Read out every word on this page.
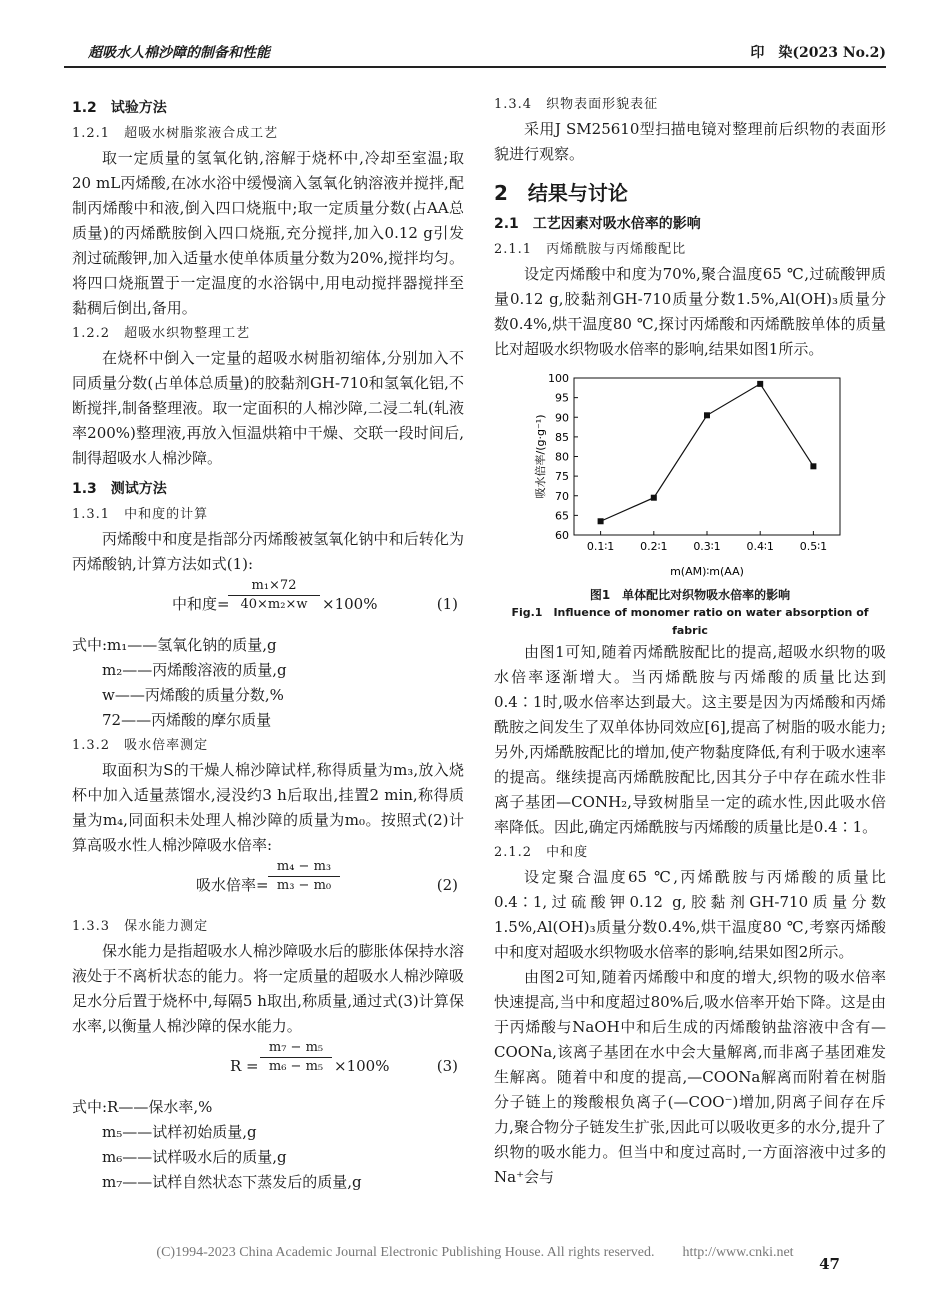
超吸水人棉沙障的制备和性能	印　染(2023 No.2)
1.2　试验方法
1.2.1　超吸水树脂浆液合成工艺

取一定质量的氢氧化钠,溶解于烧杯中,冷却至室温;取20 mL丙烯酸,在冰水浴中缓慢滴入氢氧化钠溶液并搅拌,配制丙烯酸中和液,倒入四口烧瓶中;取一定质量分数(占AA总质量)的丙烯酰胺倒入四口烧瓶,充分搅拌,加入0.12 g引发剂过硫酸钾,加入适量水使单体质量分数为20%,搅拌均匀。将四口烧瓶置于一定温度的水浴锅中,用电动搅拌器搅拌至黏稠后倒出,备用。

1.2.2　超吸水织物整理工艺

在烧杯中倒入一定量的超吸水树脂初缩体,分别加入不同质量分数(占单体总质量)的胶黏剂GH-710和氢氧化铝,不断搅拌,制备整理液。取一定面积的人棉沙障,二浸二轧(轧液率200%)整理液,再放入恒温烘箱中干燥、交联一段时间后,制得超吸水人棉沙障。

1.3　测试方法
1.3.1　中和度的计算

丙烯酸中和度是指部分丙烯酸被氢氧化钠中和后转化为丙烯酸钠,计算方法如式(1):

中和度=
$\frac{\text{m₁×72}}{\text{40×m₂×w}} \times 100\%$	(1)
式中:m₁——氢氧化钠的质量,g
m₂——丙烯酸溶液的质量,g
w——丙烯酸的质量分数,%
72——丙烯酸的摩尔质量
1.3.2　吸水倍率测定

取面积为S的干燥人棉沙障试样,称得质量为m₃,放入烧杯中加入适量蒸馏水,浸没约3 h后取出,挂置2 min,称得质量为m₄,同面积未处理人棉沙障的质量为m₀。按照式(2)计算高吸水性人棉沙障吸水倍率:

吸水倍率= $\frac{\text{m₄ − m₃}}{\text{m₃ − m₀}}$	(2)
1.3.3　保水能力测定

保水能力是指超吸水人棉沙障吸水后的膨胀体保持水溶液处于不离析状态的能力。将一定质量的超吸水人棉沙障吸足水分后置于烧杯中,每隔5 h取出,称质量,通过式(3)计算保水率,以衡量人棉沙障的保水能力。

$R = \frac{\text{m₇ − m₅}}{\text{m₆ − m₅}} \times 100\%$	(3)
式中:R——保水率,%
m₅——试样初始质量,g
m₆——试样吸水后的质量,g
m₇——试样自然状态下蒸发后的质量,g
1.3.4　织物表面形貌表征

采用J SM25610型扫描电镜对整理前后织物的表面形貌进行观察。

2　结果与讨论
2.1　工艺因素对吸水倍率的影响
2.1.1　丙烯酰胺与丙烯酸配比

设定丙烯酸中和度为70%,聚合温度65 ℃,过硫酸钾质量0.12 g,胶黏剂GH-710质量分数1.5%,Al(OH)₃质量分数0.4%,烘干温度80 ℃,探讨丙烯酸和丙烯酰胺单体的质量比对超吸水织物吸水倍率的影响,结果如图1所示。

60
65
70
75
80
85
90
95
100
0.1∶1 0.2∶1 0.3∶1 0.4∶1 0.5∶1
吸水倍率/(g·g⁻¹)
m(AM)∶m(AA)
图1　单体配比对织物吸水倍率的影响
Fig.1　Influence of monomer ratio on water absorption of fabric

由图1可知,随着丙烯酰胺配比的提高,超吸水织物的吸水倍率逐渐增大。当丙烯酰胺与丙烯酸的质量比达到0.4∶1时,吸水倍率达到最大。这主要是因为丙烯酸和丙烯酰胺之间发生了双单体协同效应[6],提高了树脂的吸水能力;另外,丙烯酰胺配比的增加,使产物黏度降低,有利于吸水速率的提高。继续提高丙烯酰胺配比,因其分子中存在疏水性非离子基团—CONH₂,导致树脂呈一定的疏水性,因此吸水倍率降低。因此,确定丙烯酰胺与丙烯酸的质量比是0.4∶1。

2.1.2　中和度

设定聚合温度65 ℃,丙烯酰胺与丙烯酸的质量比0.4∶1,过硫酸钾0.12 g,胶黏剂GH-710质量分数1.5%,Al(OH)₃质量分数0.4%,烘干温度80 ℃,考察丙烯酸中和度对超吸水织物吸水倍率的影响,结果如图2所示。

由图2可知,随着丙烯酸中和度的增大,织物的吸水倍率快速提高,当中和度超过80%后,吸水倍率开始下降。这是由于丙烯酸与NaOH中和后生成的丙烯酸钠盐溶液中含有—COONa,该离子基团在水中会大量解离,而非离子基团难发生解离。随着中和度的提高,—COONa解离而附着在树脂分子链上的羧酸根负离子(—COO⁻)增加,阴离子间存在斥力,聚合物分子链发生扩张,因此可以吸收更多的水分,提升了织物的吸水能力。但当中和度过高时,一方面溶液中过多的Na⁺会与

(C)1994-2023 China Academic Journal Electronic Publishing House. All rights reserved.　　http://www.cnki.net
47
